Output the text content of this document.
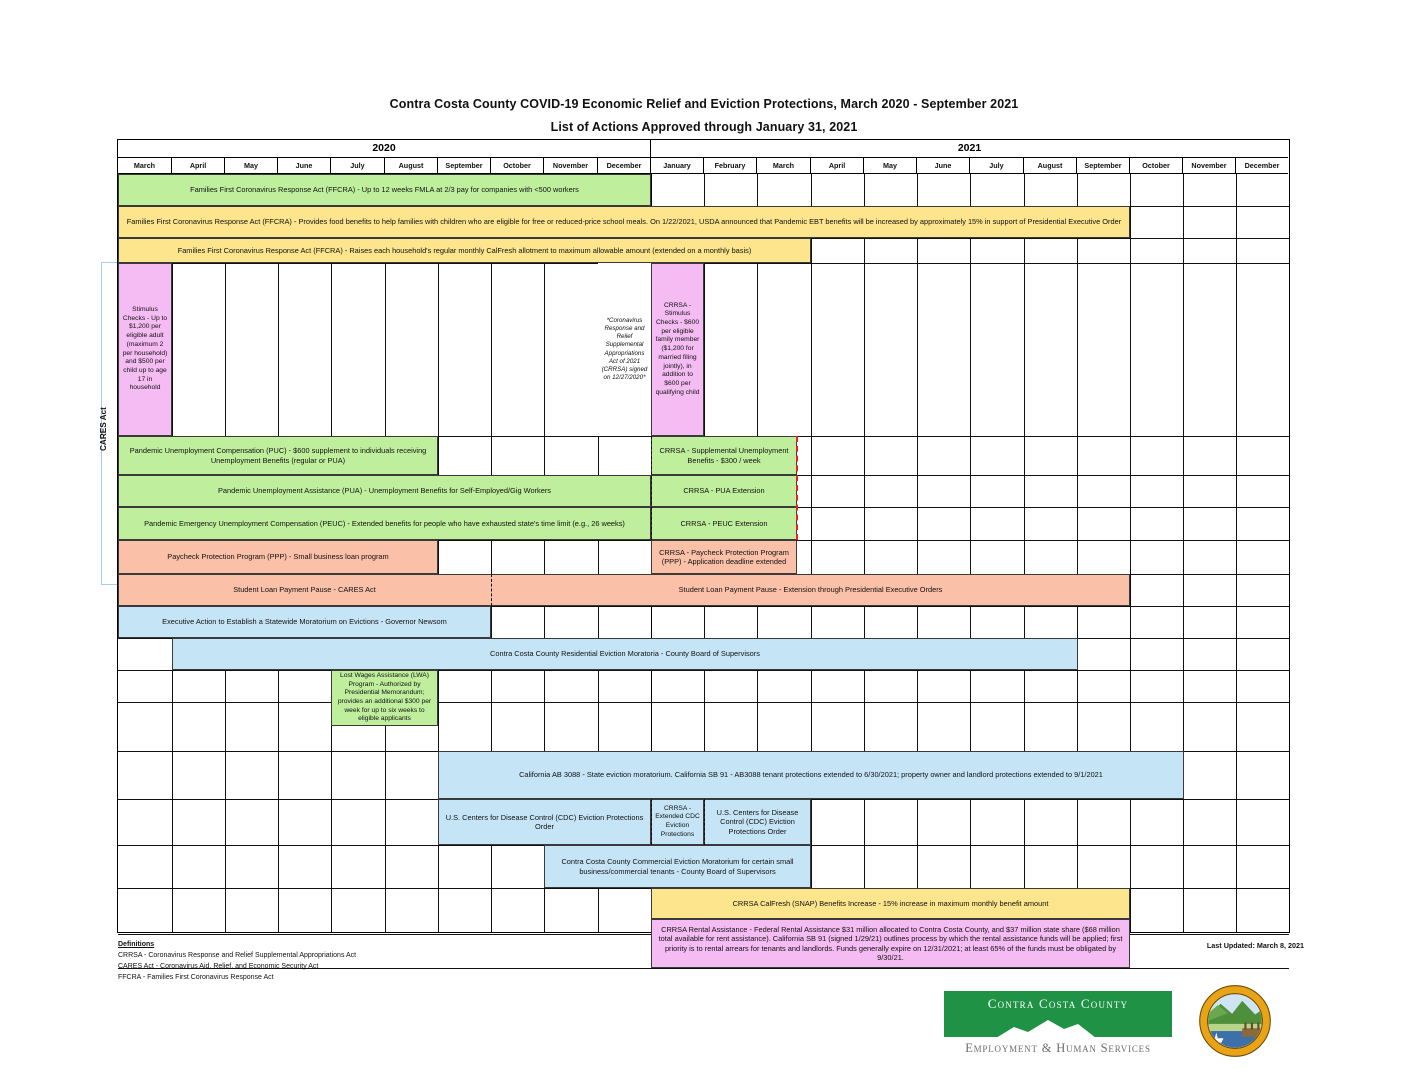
Contra Costa County COVID-19 Economic Relief and Eviction Protections, March 2020 - September 2021
List of Actions Approved through January 31, 2021
CARES Act
2020	2021
March	April	May	June	July	August	September	October	November	December	January	February	March	April	May	June	July	August	September	October	November	December
Families First Coronavirus Response Act (FFCRA) - Up to 12 weeks FMLA at 2/3 pay for companies with <500 workers
Families First Coronavirus Response Act (FFCRA) - Provides food benefits to help families with children who are eligible for free or reduced-price school meals. On 1/22/2021, USDA announced that Pandemic EBT benefits will be increased by approximately 15% in support of Presidential Executive Order
Families First Coronavirus Response Act (FFCRA) - Raises each household's regular monthly CalFresh allotment to maximum allowable amount (extended on a monthly basis)
Stimulus Checks - Up to $1,200 per eligible adult (maximum 2 per household) and $500 per child up to age 17 in household
*Coronavirus Response and Relief Supplemental Appropriations Act of 2021 (CRRSA) signed on 12/27/2020*
CRRSA - Stimulus Checks - $600 per eligible family member ($1,200 for married filing jointly), in addition to $600 per qualifying child
Pandemic Unemployment Compensation (PUC) - $600 supplement to individuals receiving Unemployment Benefits (regular or PUA)
CRRSA - Supplemental Unemployment Benefits - $300 / week
Pandemic Unemployment Assistance (PUA) - Unemployment Benefits for Self-Employed/Gig Workers	CRRSA - PUA Extension
Pandemic Emergency Unemployment Compensation (PEUC) - Extended benefits for people who have exhausted state's time limit (e.g., 26 weeks)	CRRSA - PEUC Extension
Paycheck Protection Program (PPP) - Small business loan program
CRRSA - Paycheck Protection Program (PPP) - Application deadline extended
Student Loan Payment Pause - CARES Act	Student Loan Payment Pause - Extension through Presidential Executive Orders
Executive Action to Establish a Statewide Moratorium on Evictions - Governor Newsom
Contra Costa County Residential Eviction Moratoria - County Board of Supervisors
Lost Wages Assistance (LWA) Program - Authorized by Presidential Memorandum; provides an additional $300 per week for up to six weeks to eligible applicants
California AB 3088 - State eviction moratorium. California SB 91 - AB3088 tenant protections extended to 6/30/2021; property owner and landlord protections extended to 9/1/2021
U.S. Centers for Disease Control (CDC) Eviction Protections Order
CRRSA - Extended CDC Eviction Protections
U.S. Centers for Disease Control (CDC) Eviction Protections Order
Contra Costa County Commercial Eviction Moratorium for certain small business/commercial tenants - County Board of Supervisors
CRRSA CalFresh (SNAP) Benefits Increase - 15% increase in maximum monthly benefit amount
CRRSA Rental Assistance - Federal Rental Assistance $31 million allocated to Contra Costa County, and $37 million state share ($68 million total available for rent assistance). California SB 91 (signed 1/29/21) outlines process by which the rental assistance funds will be applied; first priority is to rental arrears for tenants and landlords. Funds generally expire on 12/31/2021; at least 65% of the funds must be obligated by 9/30/21.
Definitions
CRRSA - Coronavirus Response and Relief Supplemental Appropriations Act
CARES Act - Coronavirus Aid, Relief, and Economic Security Act
FFCRA - Families First Coronavirus Response Act
Last Updated: March 8, 2021
Contra Costa County
Employment & Human Services
